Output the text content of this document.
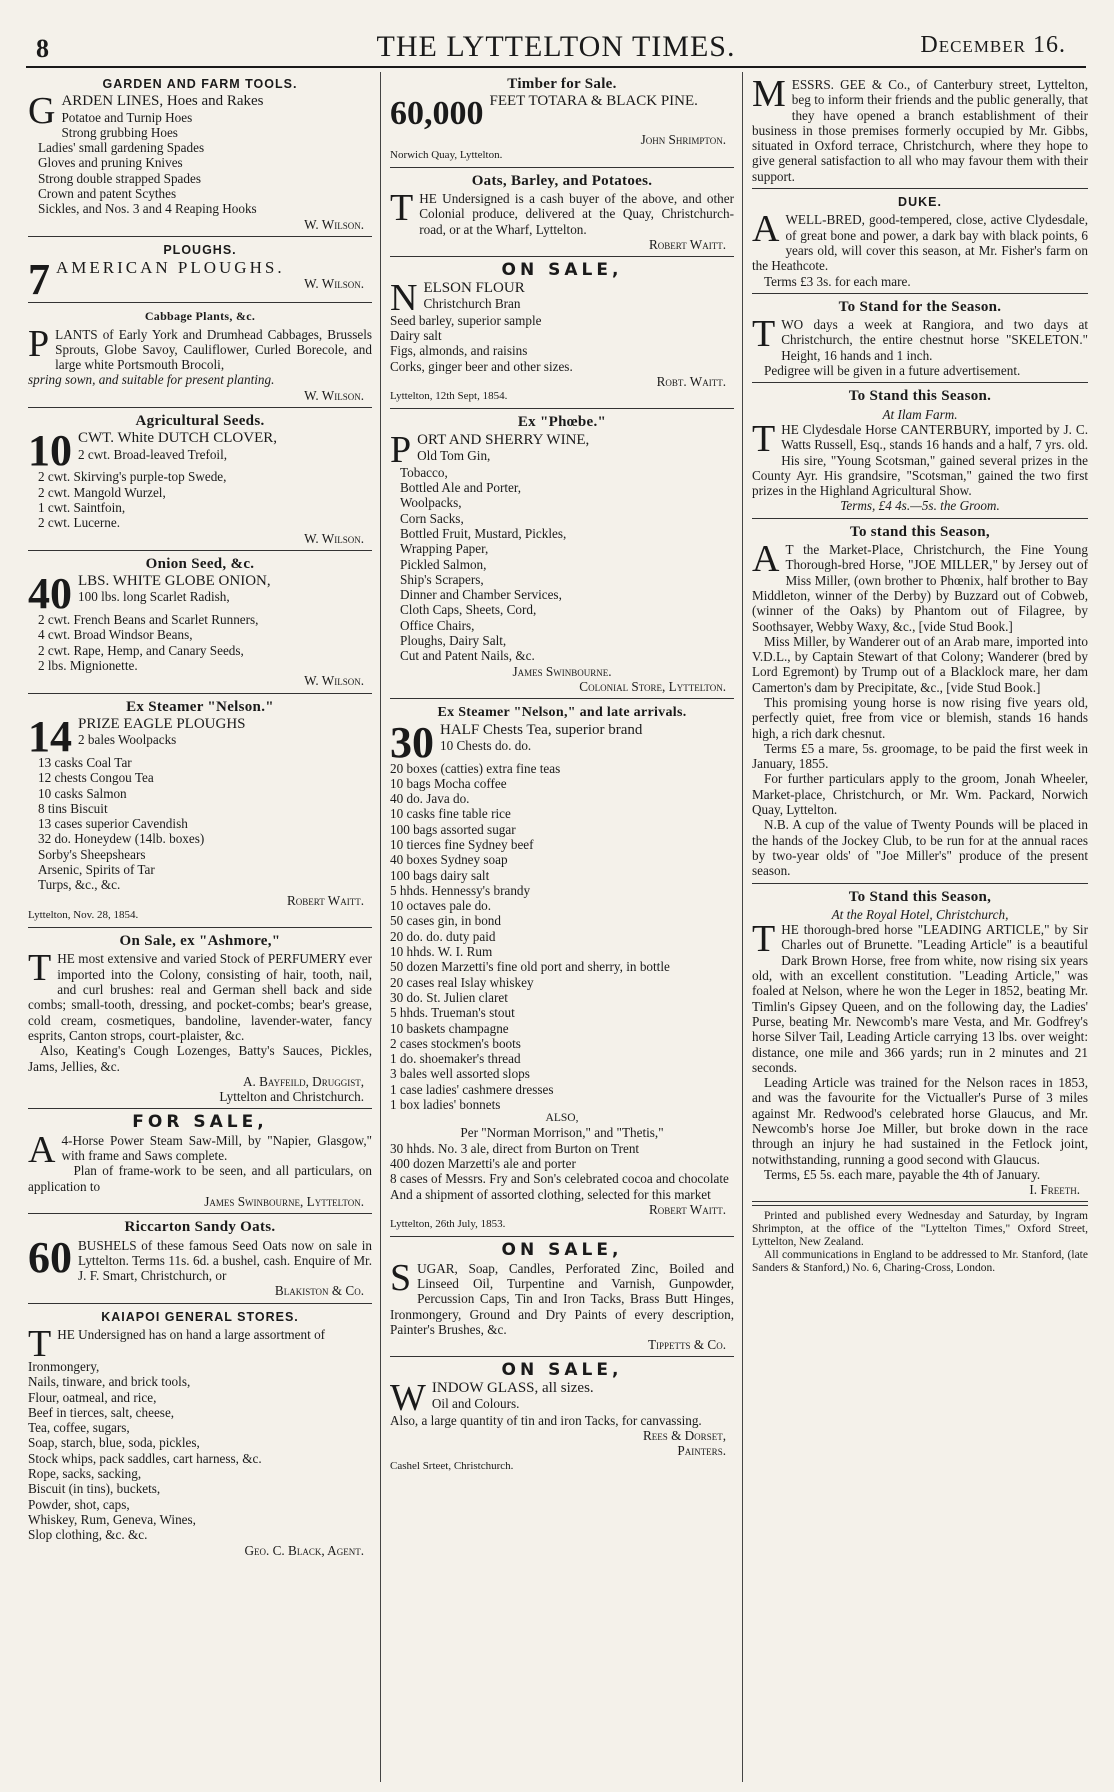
8	THE LYTTELTON TIMES.	December 16.
GARDEN AND FARM TOOLS.
G ARDEN LINES, Hoes and Rakes
Potatoe and Turnip Hoes
Strong grubbing Hoes
Ladies' small gardening Spades
Gloves and pruning Knives
Strong double strapped Spades
Crown and patent Scythes
Sickles, and Nos. 3 and 4 Reaping Hooks
W. Wilson.
PLOUGHS.
7 AMERICAN PLOUGHS.
W. Wilson.
Cabbage Plants, &c.
P LANTS of Early York and Drumhead Cabbages, Brussels Sprouts, Globe Savoy, Cauliflower, Curled Borecole, and large white Portsmouth Brocoli,
spring sown, and suitable for present planting.
W. Wilson.
Agricultural Seeds.
10 CWT. White DUTCH CLOVER,
2 cwt. Broad-leaved Trefoil,
2 cwt. Skirving's purple-top Swede,
2 cwt. Mangold Wurzel,
1 cwt. Saintfoin,
2 cwt. Lucerne.
W. Wilson.
Onion Seed, &c.
40 LBS. WHITE GLOBE ONION,
100 lbs. long Scarlet Radish,
2 cwt. French Beans and Scarlet Runners,
4 cwt. Broad Windsor Beans,
2 cwt. Rape, Hemp, and Canary Seeds,
2 lbs. Mignionette.
W. Wilson.
Ex Steamer "Nelson."
14 PRIZE EAGLE PLOUGHS
2 bales Woolpacks
13 casks Coal Tar
12 chests Congou Tea
10 casks Salmon
8 tins Biscuit
13 cases superior Cavendish
32 do. Honeydew (14lb. boxes)
Sorby's Sheepshears
Arsenic, Spirits of Tar
Turps, &c., &c.
Robert Waitt.
Lyttelton, Nov. 28, 1854.
On Sale, ex "Ashmore,"
T HE most extensive and varied Stock of PERFUMERY ever imported into the Colony, consisting of hair, tooth, nail, and curl brushes: real and German shell back and side combs; small-tooth, dressing, and pocket-combs; bear's grease, cold cream, cosmetiques, bandoline, lavender-water, fancy esprits, Canton strops, court-plaister, &c.
Also, Keating's Cough Lozenges, Batty's Sauces, Pickles, Jams, Jellies, &c.
A. Bayfeild, Druggist,
Lyttelton and Christchurch.
FOR SALE,
A 4-Horse Power Steam Saw-Mill, by "Napier, Glasgow," with frame and Saws complete.
Plan of frame-work to be seen, and all particulars, on application to
James Swinbourne, Lyttelton.
Riccarton Sandy Oats.
60 BUSHELS of these famous Seed Oats now on sale in Lyttelton. Terms 11s. 6d. a bushel, cash. Enquire of Mr. J. F. Smart, Christchurch, or
Blakiston & Co.
KAIAPOI GENERAL STORES.
T HE Undersigned has on hand a large assortment of
Ironmongery,
Nails, tinware, and brick tools,
Flour, oatmeal, and rice,
Beef in tierces, salt, cheese,
Tea, coffee, sugars,
Soap, starch, blue, soda, pickles,
Stock whips, pack saddles, cart harness, &c.
Rope, sacks, sacking,
Biscuit (in tins), buckets,
Powder, shot, caps,
Whiskey, Rum, Geneva, Wines,
Slop clothing, &c. &c.
Geo. C. Black, Agent.
Timber for Sale.
60,000 FEET TOTARA & BLACK PINE.
John Shrimpton.
Norwich Quay, Lyttelton.
Oats, Barley, and Potatoes.
T HE Undersigned is a cash buyer of the above, and other Colonial produce, delivered at the Quay, Christchurch-road, or at the Wharf, Lyttelton.
Robert Waitt.
ON SALE,
N ELSON FLOUR
Christchurch Bran
Seed barley, superior sample
Dairy salt
Figs, almonds, and raisins
Corks, ginger beer and other sizes.
Robt. Waitt.
Lyttelton, 12th Sept, 1854.
Ex "Phœbe."
P ORT AND SHERRY WINE,
Old Tom Gin,
Tobacco,
Bottled Ale and Porter,
Woolpacks,
Corn Sacks,
Bottled Fruit, Mustard, Pickles,
Wrapping Paper,
Pickled Salmon,
Ship's Scrapers,
Dinner and Chamber Services,
Cloth Caps, Sheets, Cord,
Office Chairs,
Ploughs, Dairy Salt,
Cut and Patent Nails, &c.
James Swinbourne.
Colonial Store, Lyttelton.
Ex Steamer "Nelson," and late arrivals.
30 HALF Chests Tea, superior brand
10 Chests do. do.
20 boxes (catties) extra fine teas
10 bags Mocha coffee
40 do. Java do.
10 casks fine table rice
100 bags assorted sugar
10 tierces fine Sydney beef
40 boxes Sydney soap
100 bags dairy salt
5 hhds. Hennessy's brandy
10 octaves pale do.
50 cases gin, in bond
20 do. do. duty paid
10 hhds. W. I. Rum
50 dozen Marzetti's fine old port and sherry, in bottle
20 cases real Islay whiskey
30 do. St. Julien claret
5 hhds. Trueman's stout
10 baskets champagne
2 cases stockmen's boots
1 do. shoemaker's thread
3 bales well assorted slops
1 case ladies' cashmere dresses
1 box ladies' bonnets
ALSO,
Per "Norman Morrison," and "Thetis,"
30 hhds. No. 3 ale, direct from Burton on Trent
400 dozen Marzetti's ale and porter
8 cases of Messrs. Fry and Son's celebrated cocoa and chocolate
And a shipment of assorted clothing, selected for this market
Robert Waitt.
Lyttelton, 26th July, 1853.
ON SALE,
S UGAR, Soap, Candles, Perforated Zinc, Boiled and Linseed Oil, Turpentine and Varnish, Gunpowder, Percussion Caps, Tin and Iron Tacks, Brass Butt Hinges, Ironmongery, Ground and Dry Paints of every description, Painter's Brushes, &c.
Tippetts & Co.
ON SALE,
W INDOW GLASS, all sizes.
Oil and Colours.
Also, a large quantity of tin and iron Tacks, for canvassing.
Rees & Dorset,
Painters.
Cashel Srteet, Christchurch.
M ESSRS. GEE & Co., of Canterbury street, Lyttelton, beg to inform their friends and the public generally, that they have opened a branch establishment of their business in those premises formerly occupied by Mr. Gibbs, situated in Oxford terrace, Christchurch, where they hope to give general satisfaction to all who may favour them with their support.
DUKE.
A WELL-BRED, good-tempered, close, active Clydesdale, of great bone and power, a dark bay with black points, 6 years old, will cover this season, at Mr. Fisher's farm on the Heathcote.
Terms £3 3s. for each mare.
To Stand for the Season.
T WO days a week at Rangiora, and two days at Christchurch, the entire chestnut horse "SKELETON." Height, 16 hands and 1 inch.
Pedigree will be given in a future advertisement.
To Stand this Season.
At Ilam Farm.
T HE Clydesdale Horse CANTERBURY, imported by J. C. Watts Russell, Esq., stands 16 hands and a half, 7 yrs. old. His sire, "Young Scotsman," gained several prizes in the County Ayr. His grandsire, "Scotsman," gained the two first prizes in the Highland Agricultural Show.
Terms, £4 4s.—5s. the Groom.
To stand this Season,
A T the Market-Place, Christchurch, the Fine Young Thorough-bred Horse, "JOE MILLER," by Jersey out of Miss Miller, (own brother to Phœnix, half brother to Bay Middleton, winner of the Derby) by Buzzard out of Cobweb, (winner of the Oaks) by Phantom out of Filagree, by Soothsayer, Webby Waxy, &c., [vide Stud Book.]
Miss Miller, by Wanderer out of an Arab mare, imported into V.D.L., by Captain Stewart of that Colony; Wanderer (bred by Lord Egremont) by Trump out of a Blacklock mare, her dam Camerton's dam by Precipitate, &c., [vide Stud Book.]
This promising young horse is now rising five years old, perfectly quiet, free from vice or blemish, stands 16 hands high, a rich dark chesnut.
Terms £5 a mare, 5s. groomage, to be paid the first week in January, 1855.
For further particulars apply to the groom, Jonah Wheeler, Market-place, Christchurch, or Mr. Wm. Packard, Norwich Quay, Lyttelton.
N.B. A cup of the value of Twenty Pounds will be placed in the hands of the Jockey Club, to be run for at the annual races by two-year olds' of "Joe Miller's" produce of the present season.
To Stand this Season,
At the Royal Hotel, Christchurch,
T HE thorough-bred horse "LEADING ARTICLE," by Sir Charles out of Brunette. "Leading Article" is a beautiful Dark Brown Horse, free from white, now rising six years old, with an excellent constitution. "Leading Article," was foaled at Nelson, where he won the Leger in 1852, beating Mr. Timlin's Gipsey Queen, and on the following day, the Ladies' Purse, beating Mr. Newcomb's mare Vesta, and Mr. Godfrey's horse Silver Tail, Leading Article carrying 13 lbs. over weight: distance, one mile and 366 yards; run in 2 minutes and 21 seconds.
Leading Article was trained for the Nelson races in 1853, and was the favourite for the Victualler's Purse of 3 miles against Mr. Redwood's celebrated horse Glaucus, and Mr. Newcomb's horse Joe Miller, but broke down in the race through an injury he had sustained in the Fetlock joint, notwithstanding, running a good second with Glaucus.
Terms, £5 5s. each mare, payable the 4th of January.
I. Freeth.
Printed and published every Wednesday and Saturday, by Ingram Shrimpton, at the office of the "Lyttelton Times," Oxford Street, Lyttelton, New Zealand.
All communications in England to be addressed to Mr. Stanford, (late Sanders & Stanford,) No. 6, Charing-Cross, London.
